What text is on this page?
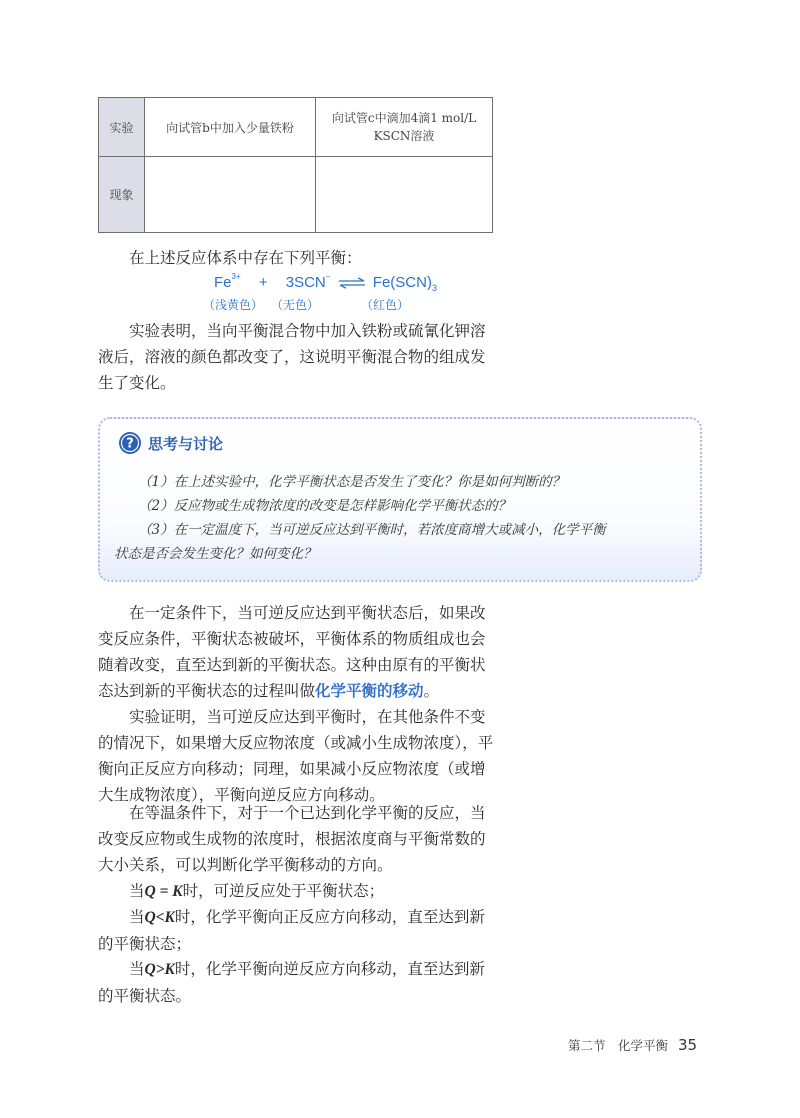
实验	向试管b中加入少量铁粉	向试管c中滴加4滴1 mol/L
KSCN溶液
现象		

在上述反应体系中存在下列平衡：

$Fe^{3+} + 3SCN^-$ ⇌ $Fe(SCN)_3$
（浅黄色） （无色）	（红色）

实验表明，当向平衡混合物中加入铁粉或硫氰化钾溶液后，溶液的颜色都改变了，这说明平衡混合物的组成发生了变化。

? 思考与讨论

（1）在上述实验中，化学平衡状态是否发生了变化？你是如何判断的？

（2）反应物或生成物浓度的改变是怎样影响化学平衡状态的？

（3）在一定温度下，当可逆反应达到平衡时，若浓度商增大或减小，化学平衡

状态是否会发生变化？如何变化？

在一定条件下，当可逆反应达到平衡状态后，如果改变反应条件，平衡状态被破坏，平衡体系的物质组成也会随着改变，直至达到新的平衡状态。这种由原有的平衡状态达到新的平衡状态的过程叫做化学平衡的移动。

实验证明，当可逆反应达到平衡时，在其他条件不变的情况下，如果增大反应物浓度（或减小生成物浓度），平衡向正反应方向移动；同理，如果减小反应物浓度（或增大生成物浓度），平衡向逆反应方向移动。

在等温条件下，对于一个已达到化学平衡的反应，当改变反应物或生成物的浓度时，根据浓度商与平衡常数的大小关系，可以判断化学平衡移动的方向。

当Q = K时，可逆反应处于平衡状态；

当Q<K时，化学平衡向正反应方向移动，直至达到新的平衡状态；

当Q>K时，化学平衡向逆反应方向移动，直至达到新的平衡状态。

第二节　化学平衡 35
